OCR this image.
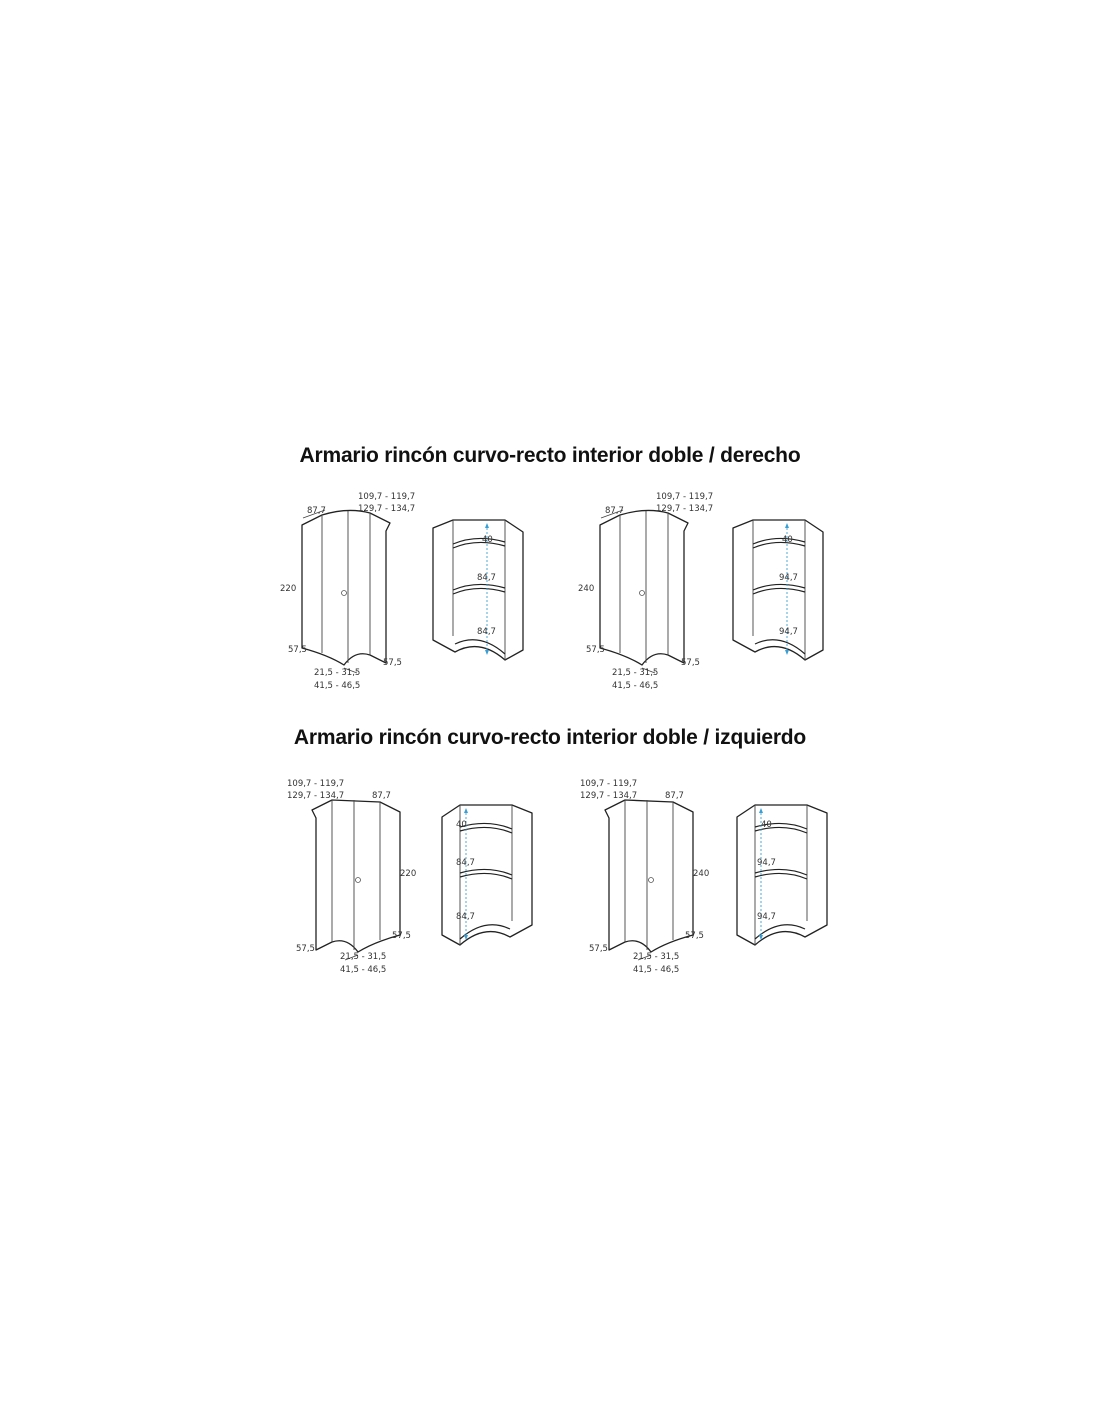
Armario rincón curvo-recto interior doble / derecho
Armario rincón curvo-recto interior doble / izquierdo
87,7
109,7 - 119,7
129,7 - 134,7
220
57,5
57,5
21,5 - 31,5
41,5 - 46,5
40
84,7
84,7
87,7
109,7 - 119,7
129,7 - 134,7
240
57,5
57,5
21,5 - 31,5
41,5 - 46,5
40
94,7
94,7
109,7 - 119,7
129,7 - 134,7	87,7
220
57,5
57,5
21,5 - 31,5
41,5 - 46,5
40
84,7
84,7
109,7 - 119,7
129,7 - 134,7	87,7
240
57,5
57,5
21,5 - 31,5
41,5 - 46,5
40
94,7
94,7
